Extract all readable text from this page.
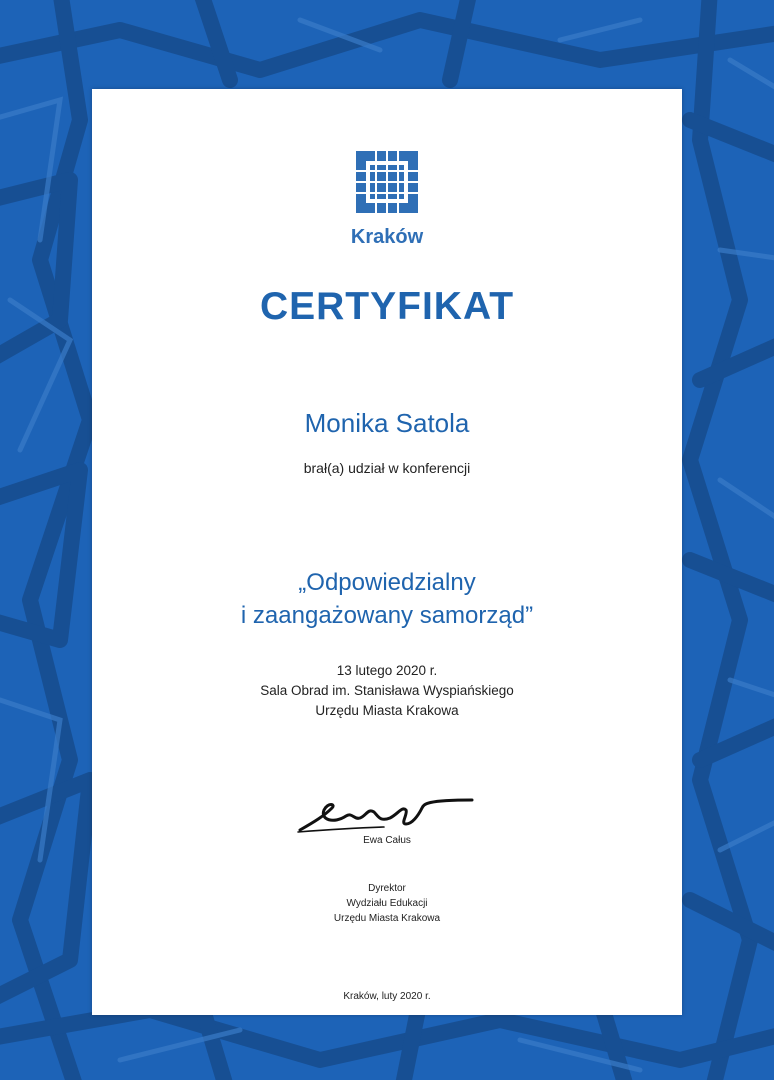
Kraków
CERTYFIKAT
Monika Satola
brał(a) udział w konferencji
„Odpowiedzialny
i zaangażowany samorząd”
13 lutego 2020 r.
Sala Obrad im. Stanisława Wyspiańskiego
Urzędu Miasta Krakowa
Ewa Całus
Dyrektor
Wydziału Edukacji
Urzędu Miasta Krakowa
Kraków, luty 2020 r.
